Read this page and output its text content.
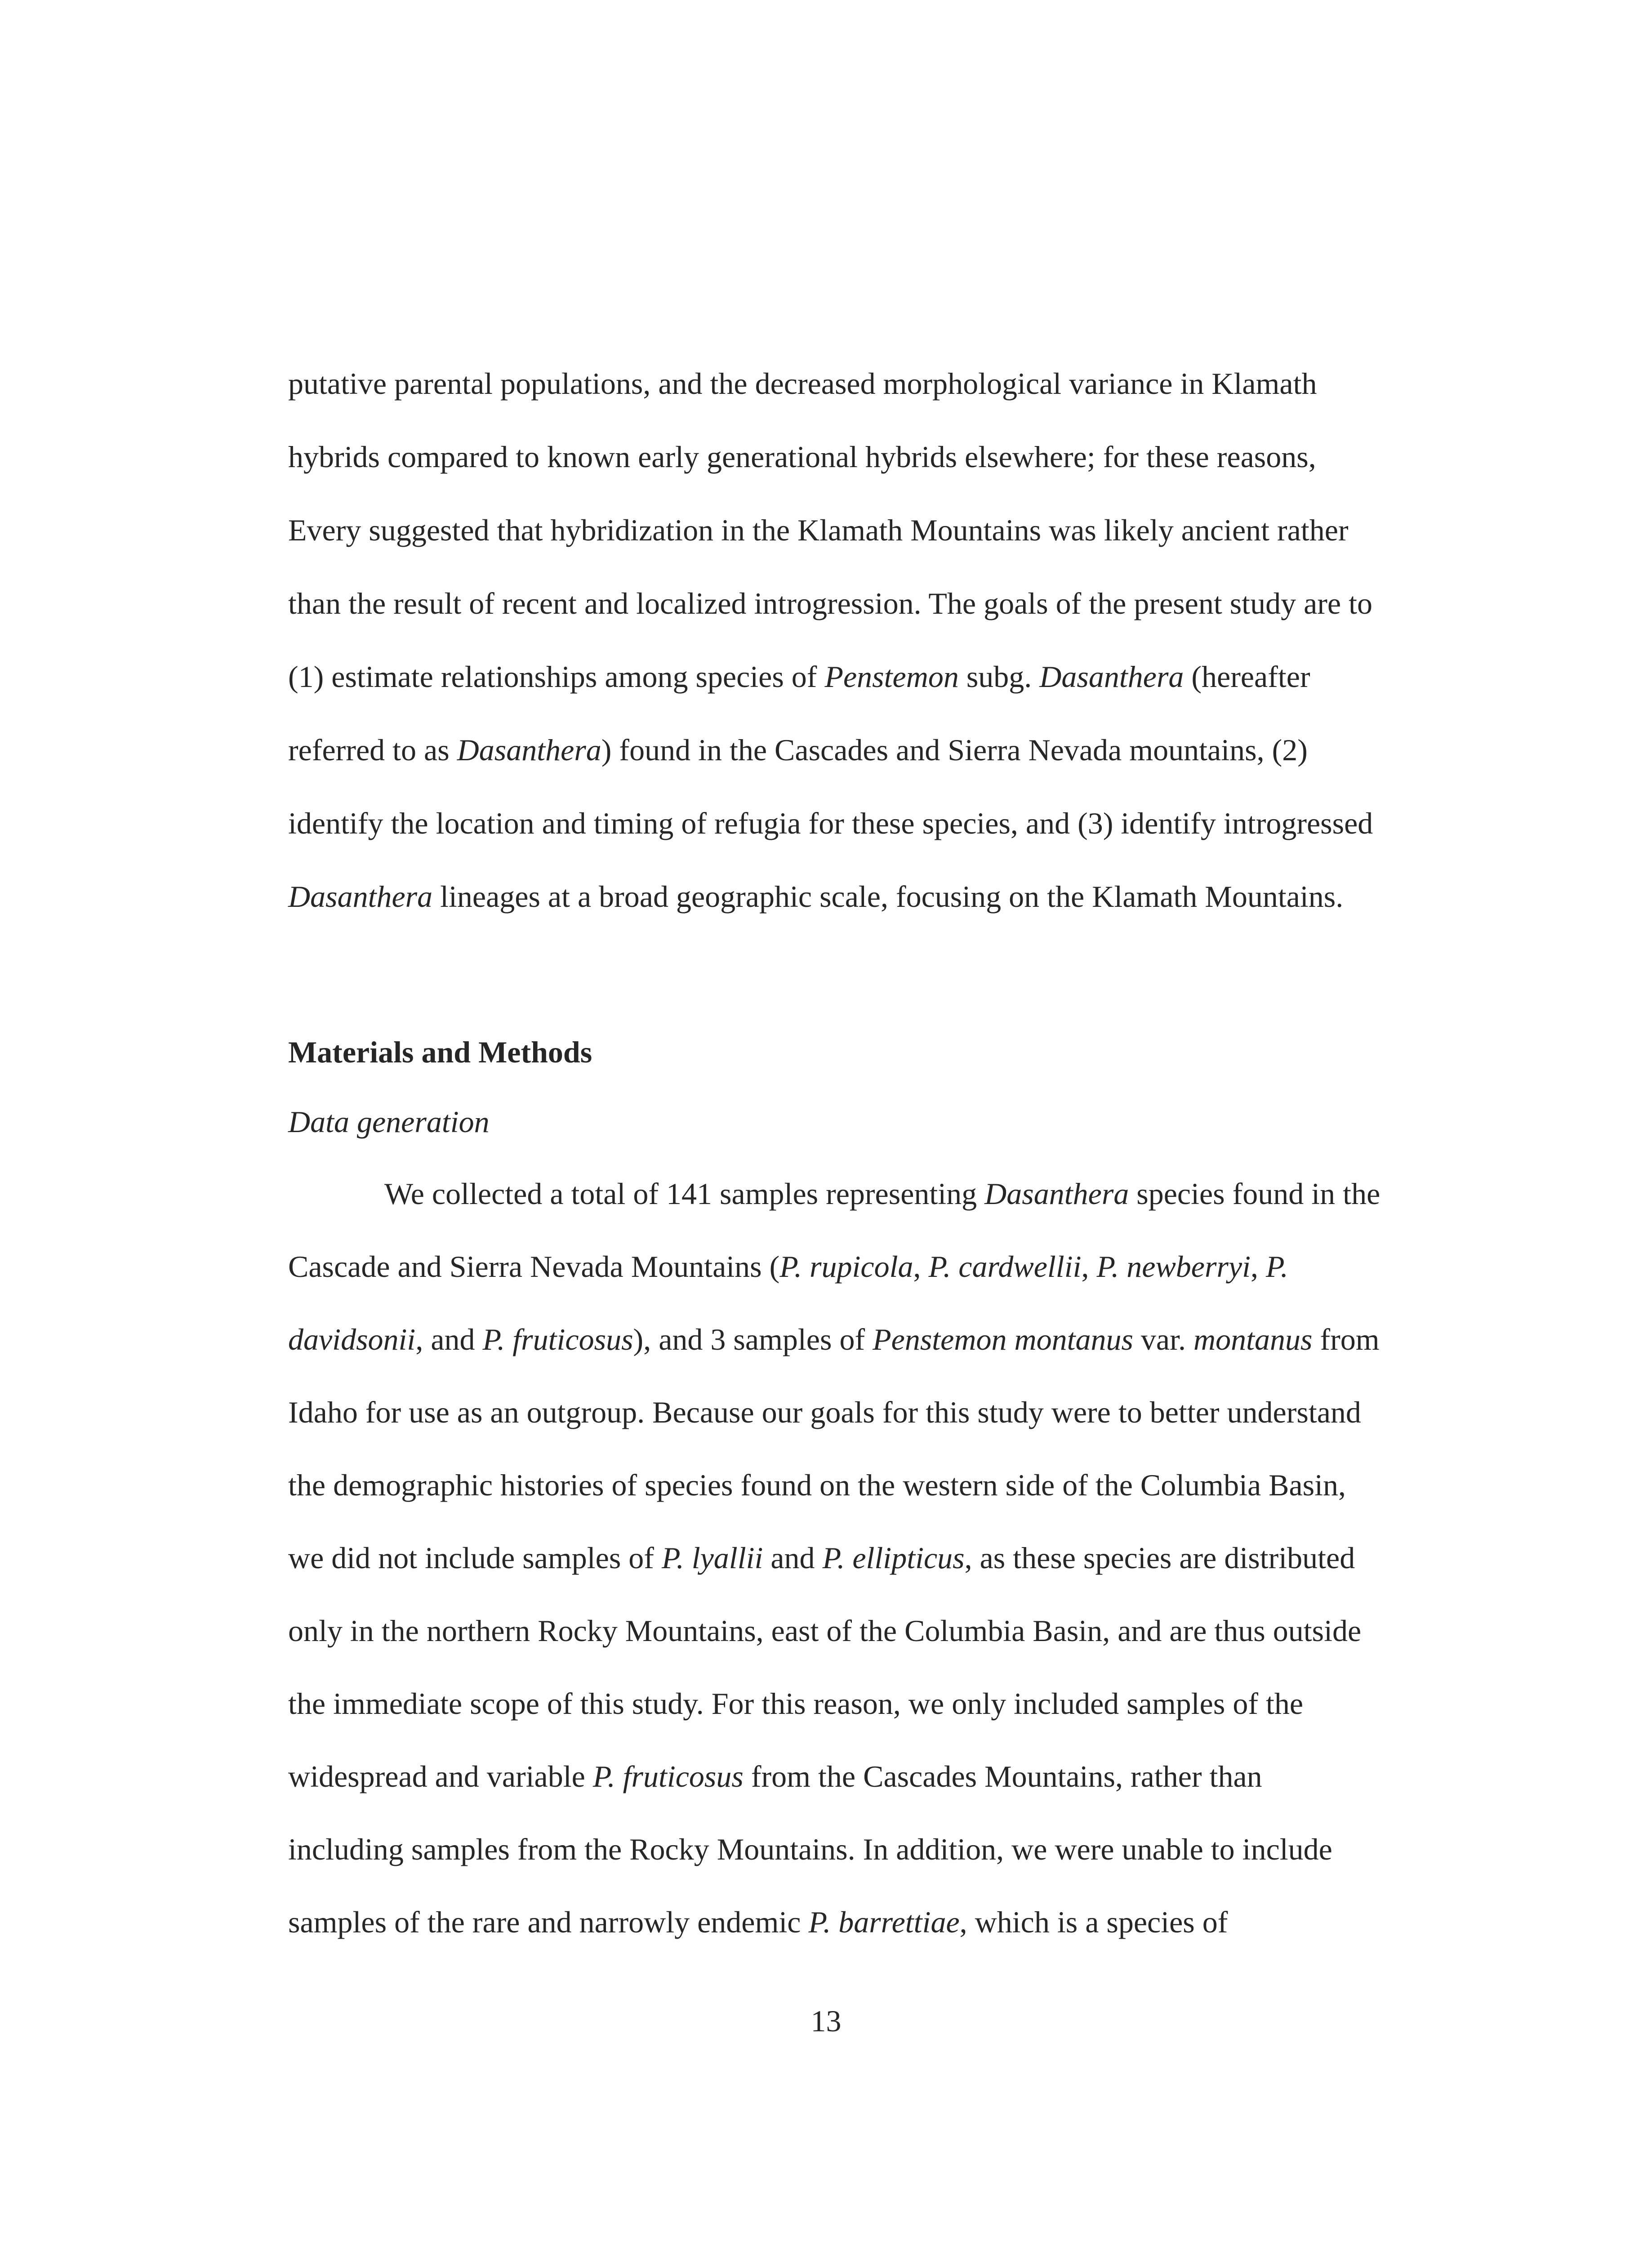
putative parental populations, and the decreased morphological variance in Klamath
hybrids compared to known early generational hybrids elsewhere; for these reasons,
Every suggested that hybridization in the Klamath Mountains was likely ancient rather
than the result of recent and localized introgression. The goals of the present study are to
(1) estimate relationships among species of Penstemon subg. Dasanthera (hereafter
referred to as Dasanthera) found in the Cascades and Sierra Nevada mountains, (2)
identify the location and timing of refugia for these species, and (3) identify introgressed
Dasanthera lineages at a broad geographic scale, focusing on the Klamath Mountains.
Materials and Methods
Data generation
We collected a total of 141 samples representing Dasanthera species found in the
Cascade and Sierra Nevada Mountains (P. rupicola, P. cardwellii, P. newberryi, P.
davidsonii, and P. fruticosus), and 3 samples of Penstemon montanus var. montanus from
Idaho for use as an outgroup. Because our goals for this study were to better understand
the demographic histories of species found on the western side of the Columbia Basin,
we did not include samples of P. lyallii and P. ellipticus, as these species are distributed
only in the northern Rocky Mountains, east of the Columbia Basin, and are thus outside
the immediate scope of this study. For this reason, we only included samples of the
widespread and variable P. fruticosus from the Cascades Mountains, rather than
including samples from the Rocky Mountains. In addition, we were unable to include
samples of the rare and narrowly endemic P. barrettiae, which is a species of
13
